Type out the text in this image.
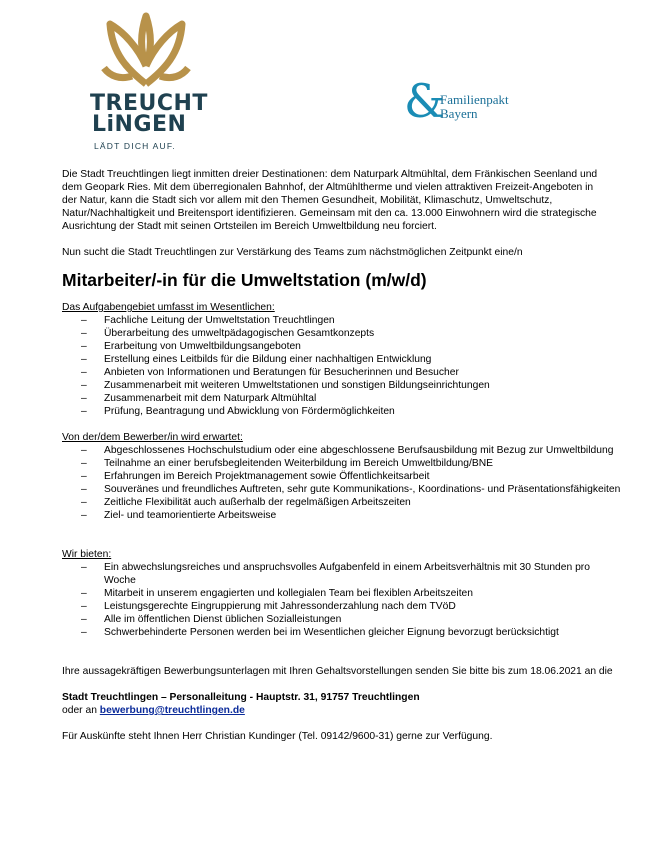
TREUCHT
LiNGEN
LÄDT DICH AUF.
&
Familienpakt
Bayern

Die Stadt Treuchtlingen liegt inmitten dreier Destinationen: dem Naturpark Altmühltal, dem Fränkischen Seenland und dem Geopark Ries. Mit dem überregionalen Bahnhof, der Altmühltherme und vielen attraktiven Freizeit-Angeboten in der Natur, kann die Stadt sich vor allem mit den Themen Gesundheit, Mobilität, Klimaschutz, Umweltschutz, Natur/Nachhaltigkeit und Breitensport identifizieren. Gemeinsam mit den ca. 13.000 Einwohnern wird die strategische Ausrichtung der Stadt mit seinen Ortsteilen im Bereich Umweltbildung neu forciert.

Nun sucht die Stadt Treuchtlingen zur Verstärkung des Teams zum nächstmöglichen Zeitpunkt eine/n

Mitarbeiter/-in für die Umweltstation (m/w/d)

Das Aufgabengebiet umfasst im Wesentlichen:

– Fachliche Leitung der Umweltstation Treuchtlingen
– Überarbeitung des umweltpädagogischen Gesamtkonzepts
– Erarbeitung von Umweltbildungsangeboten
– Erstellung eines Leitbilds für die Bildung einer nachhaltigen Entwicklung
– Anbieten von Informationen und Beratungen für Besucherinnen und Besucher
– Zusammenarbeit mit weiteren Umweltstationen und sonstigen Bildungseinrichtungen
– Zusammenarbeit mit dem Naturpark Altmühltal
– Prüfung, Beantragung und Abwicklung von Fördermöglichkeiten

Von der/dem Bewerber/in wird erwartet:

– Abgeschlossenes Hochschulstudium oder eine abgeschlossene Berufsausbildung mit Bezug zur Umweltbildung
– Teilnahme an einer berufsbegleitenden Weiterbildung im Bereich Umweltbildung/BNE
– Erfahrungen im Bereich Projektmanagement sowie Öffentlichkeitsarbeit
– Souveränes und freundliches Auftreten, sehr gute Kommunikations-, Koordinations- und Präsentationsfähigkeiten
– Zeitliche Flexibilität auch außerhalb der regelmäßigen Arbeitszeiten
– Ziel- und teamorientierte Arbeitsweise

Wir bieten:

– Ein abwechslungsreiches und anspruchsvolles Aufgabenfeld in einem Arbeitsverhältnis mit 30 Stunden pro Woche
– Mitarbeit in unserem engagierten und kollegialen Team bei flexiblen Arbeitszeiten
– Leistungsgerechte Eingruppierung mit Jahressonderzahlung nach dem TVöD
– Alle im öffentlichen Dienst üblichen Sozialleistungen
– Schwerbehinderte Personen werden bei im Wesentlichen gleicher Eignung bevorzugt berücksichtigt

Ihre aussagekräftigen Bewerbungsunterlagen mit Ihren Gehaltsvorstellungen senden Sie bitte bis zum 18.06.2021 an die

Stadt Treuchtlingen – Personalleitung - Hauptstr. 31, 91757 Treuchtlingen

oder an bewerbung@treuchtlingen.de

Für Auskünfte steht Ihnen Herr Christian Kundinger (Tel. 09142/9600-31) gerne zur Verfügung.
